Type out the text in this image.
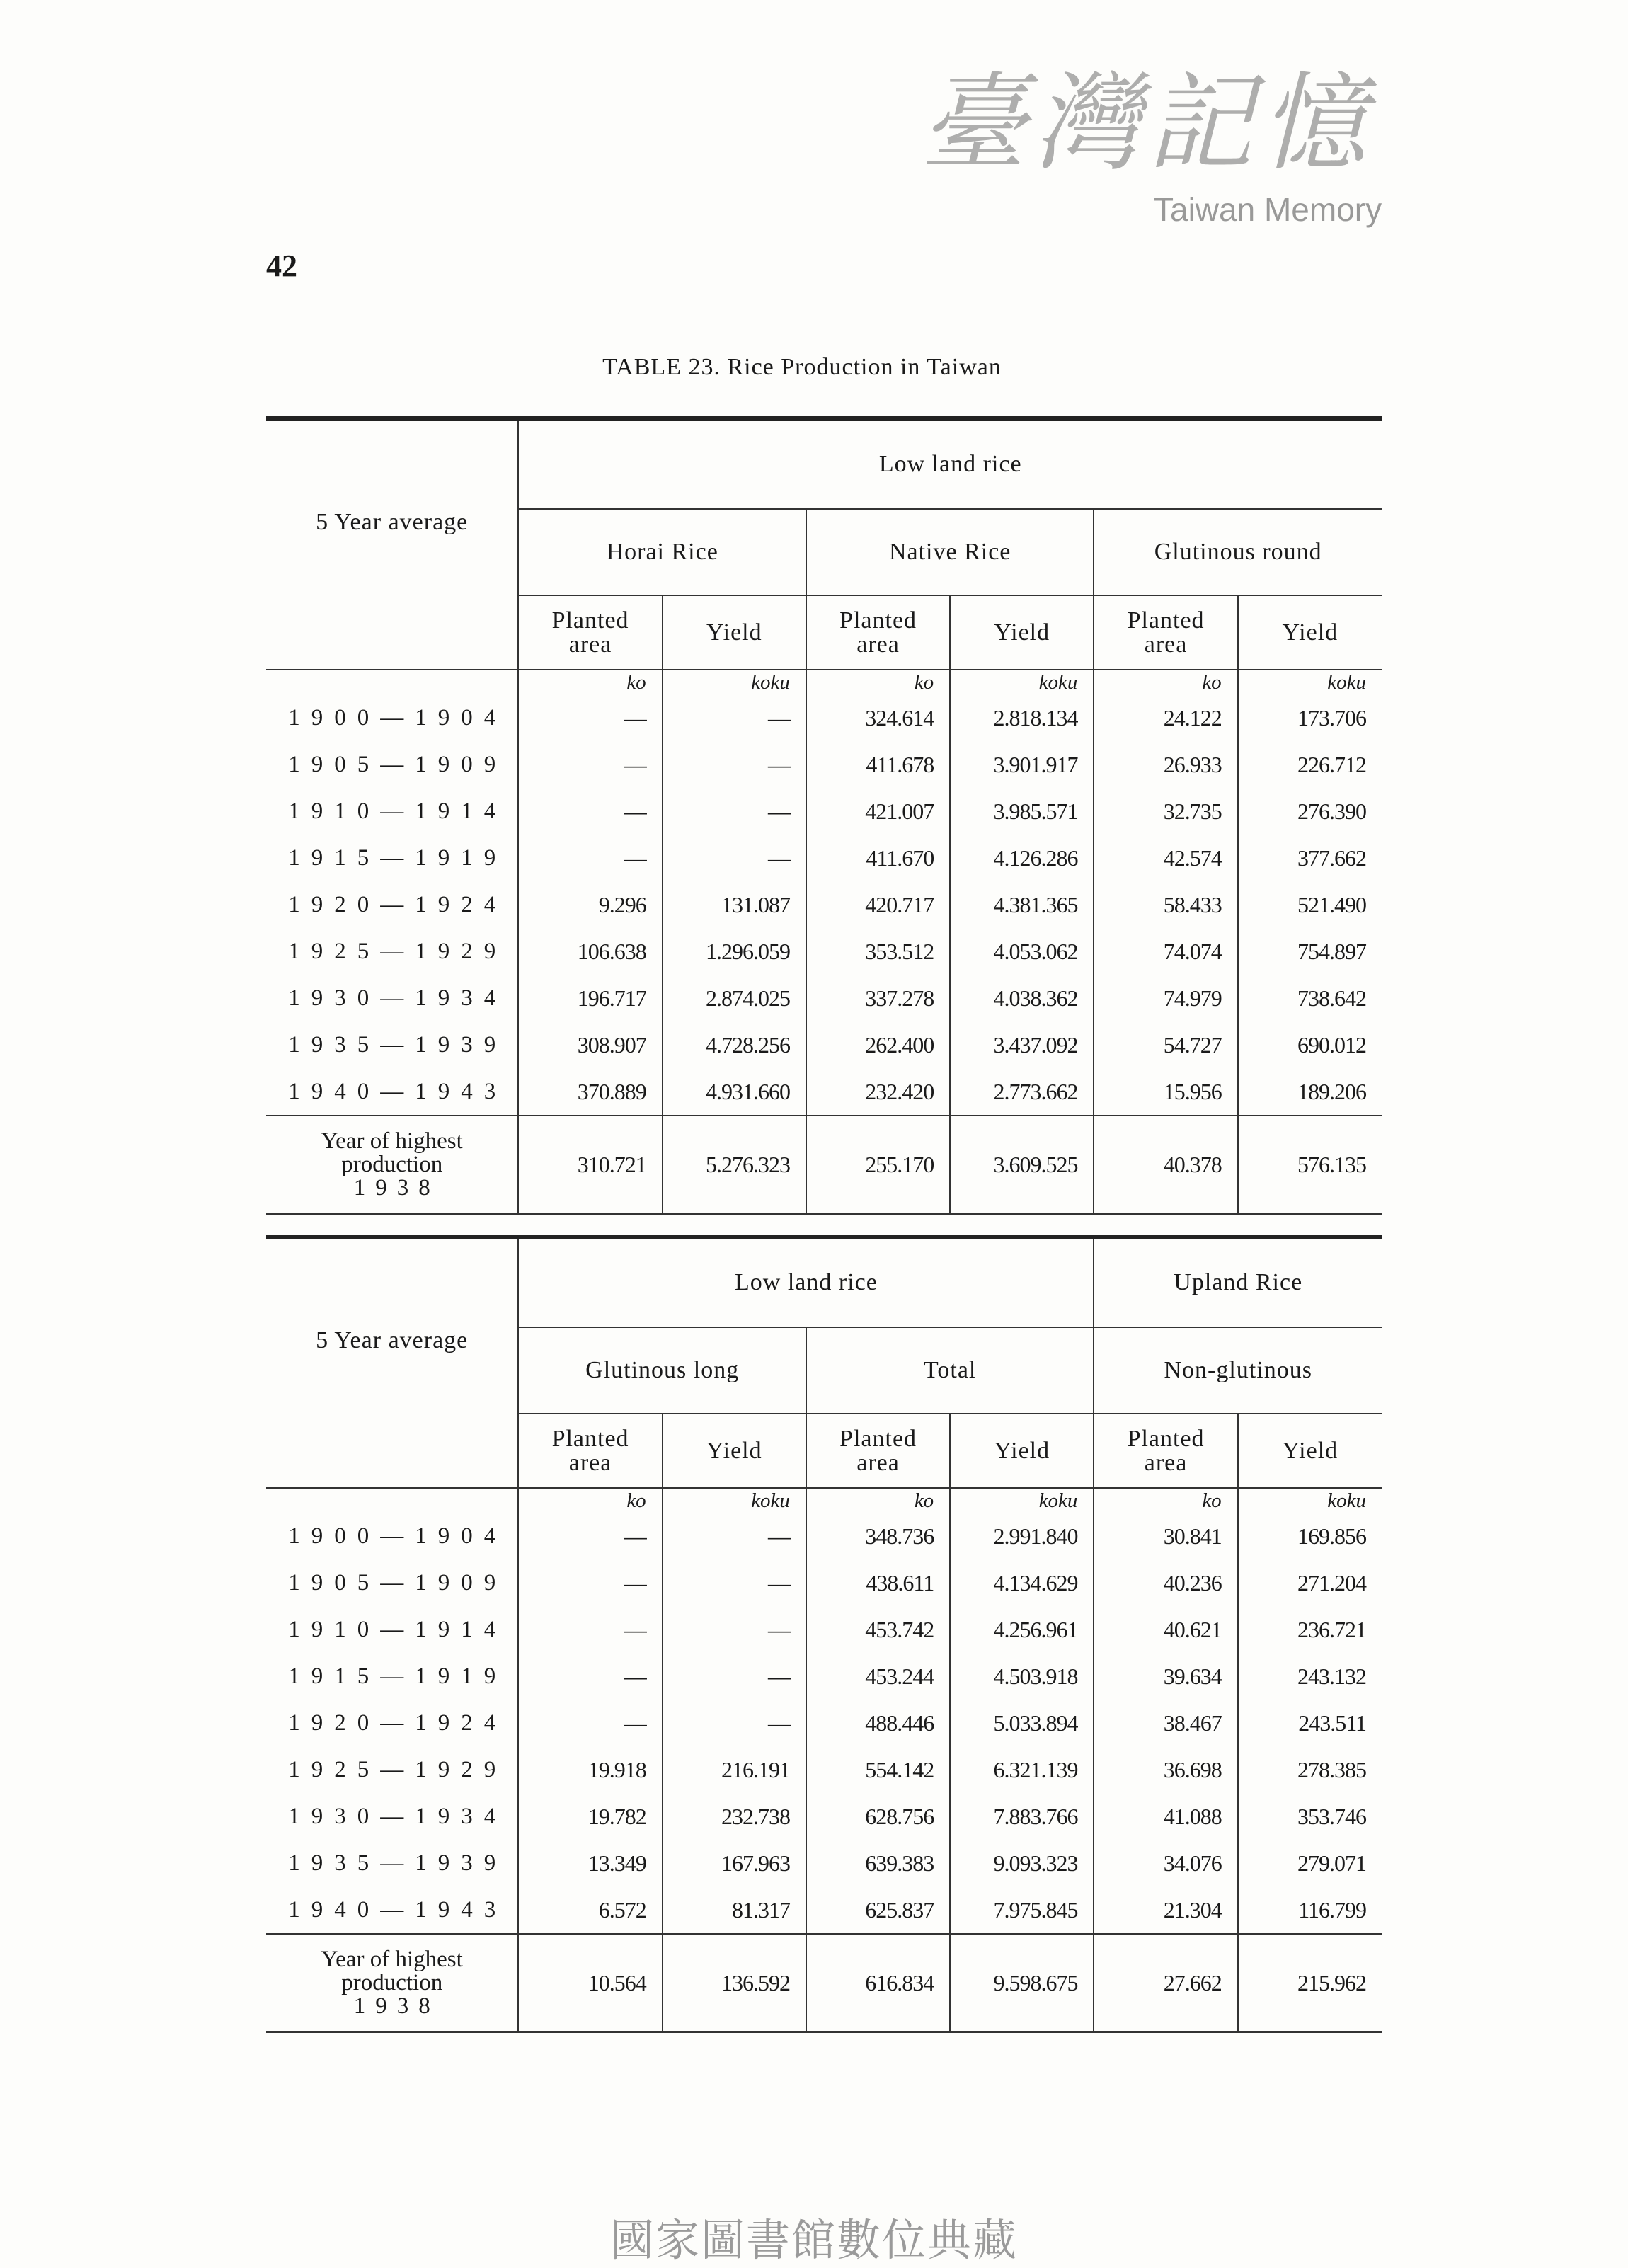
42
TABLE 23. Rice Production in Taiwan

5 Year average	Low land rice					
	Horai Rice		Native Rice		Glutinous round	
	Planted area	Yield	Planted area	Yield	Planted area	Yield
	ko	koku	ko	koku	ko	koku
1900—1904	—	—	324.614	2.818.134	24.122	173.706
1905—1909	—	—	411.678	3.901.917	26.933	226.712
1910—1914	—	—	421.007	3.985.571	32.735	276.390
1915—1919	—	—	411.670	4.126.286	42.574	377.662
1920—1924	9.296	131.087	420.717	4.381.365	58.433	521.490
1925—1929	106.638	1.296.059	353.512	4.053.062	74.074	754.897
1930—1934	196.717	2.874.025	337.278	4.038.362	74.979	738.642
1935—1939	308.907	4.728.256	262.400	3.437.092	54.727	690.012
1940—1943	370.889	4.931.660	232.420	2.773.662	15.956	189.206

Year of highest
production
1938	310.721	5.276.323	255.170	3.609.525	40.378	576.135

5 Year average	Low land rice				Upland Rice	
	Glutinous long		Total		Non-glutinous	
	Planted area	Yield	Planted area	Yield	Planted area	Yield
	ko	koku	ko	koku	ko	koku
1900—1904	—	—	348.736	2.991.840	30.841	169.856
1905—1909	—	—	438.611	4.134.629	40.236	271.204
1910—1914	—	—	453.742	4.256.961	40.621	236.721
1915—1919	—	—	453.244	4.503.918	39.634	243.132
1920—1924	—	—	488.446	5.033.894	38.467	243.511
1925—1929	19.918	216.191	554.142	6.321.139	36.698	278.385
1930—1934	19.782	232.738	628.756	7.883.766	41.088	353.746
1935—1939	13.349	167.963	639.383	9.093.323	34.076	279.071
1940—1943	6.572	81.317	625.837	7.975.845	21.304	116.799

Year of highest
production
1938	10.564	136.592	616.834	9.598.675	27.662	215.962
臺灣記憶
Taiwan Memory
國家圖書館數位典藏
